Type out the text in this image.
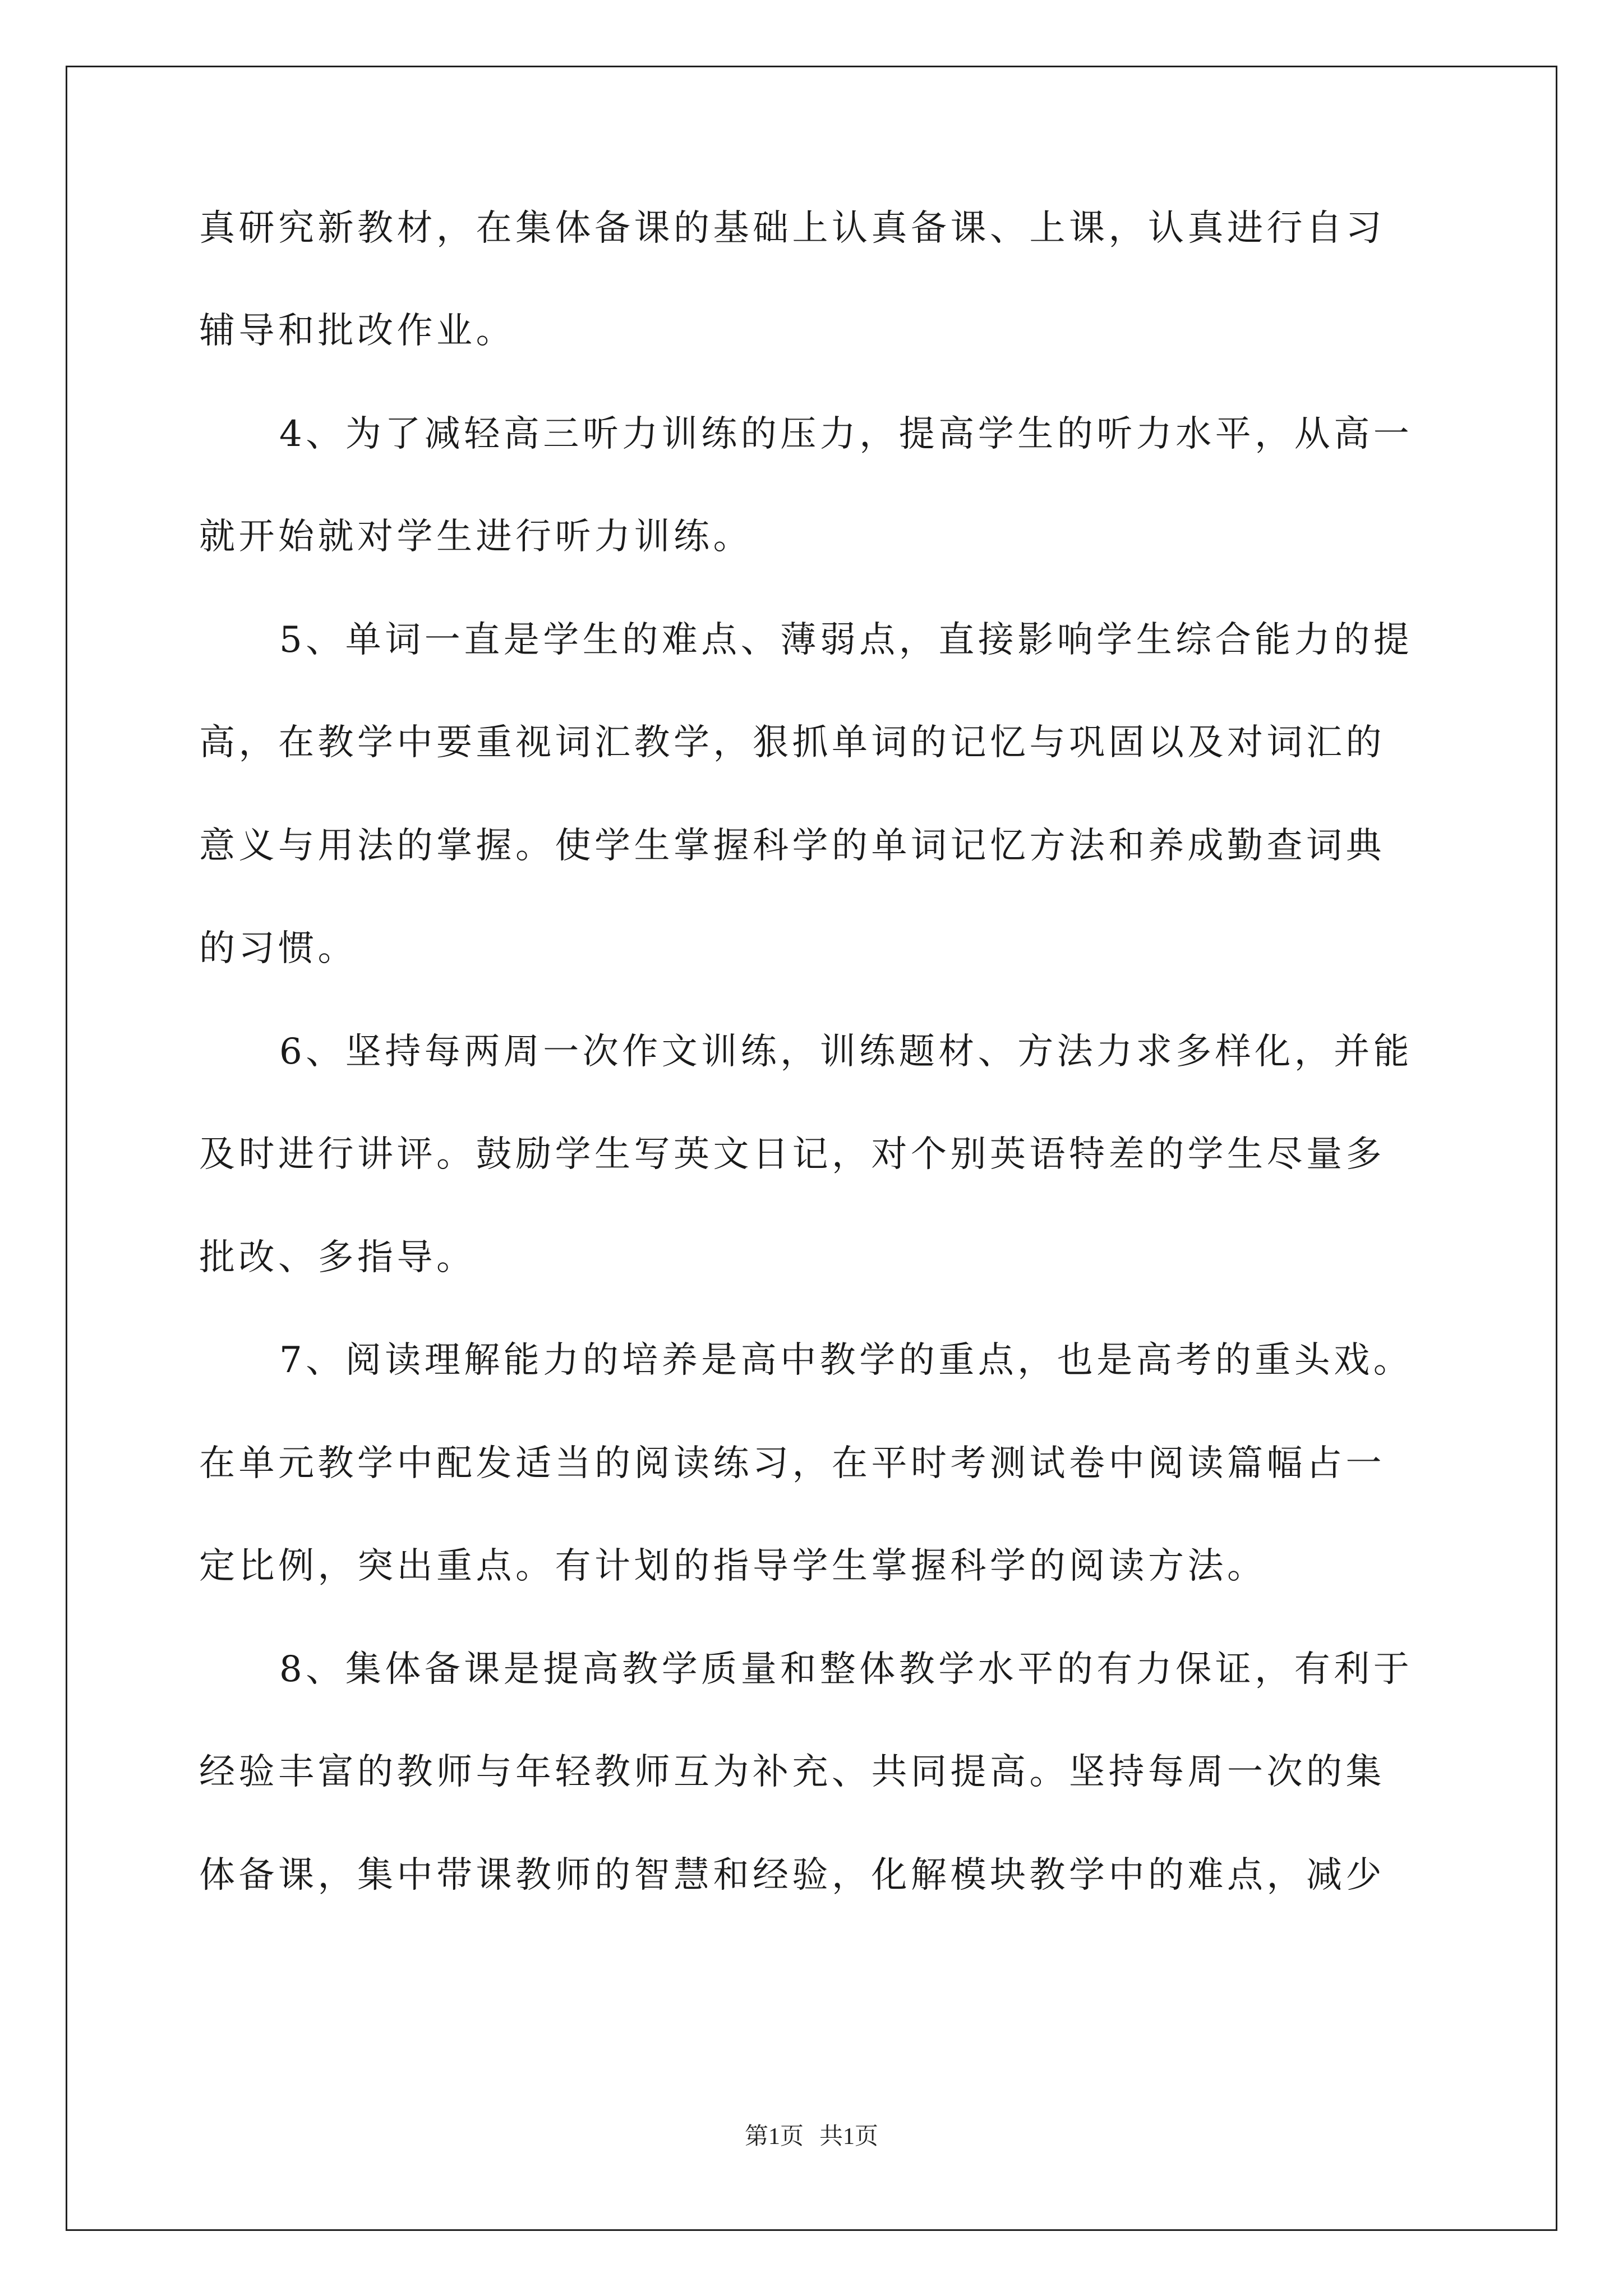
真研究新教材，在集体备课的基础上认真备课、上课，认真进行自习

辅导和批改作业。

4、为了减轻高三听力训练的压力，提高学生的听力水平，从高一

就开始就对学生进行听力训练。

5、单词一直是学生的难点、薄弱点，直接影响学生综合能力的提

高，在教学中要重视词汇教学，狠抓单词的记忆与巩固以及对词汇的

意义与用法的掌握。使学生掌握科学的单词记忆方法和养成勤查词典

的习惯。

6、坚持每两周一次作文训练，训练题材、方法力求多样化，并能

及时进行讲评。鼓励学生写英文日记，对个别英语特差的学生尽量多

批改、多指导。

7、阅读理解能力的培养是高中教学的重点，也是高考的重头戏。

在单元教学中配发适当的阅读练习，在平时考测试卷中阅读篇幅占一

定比例，突出重点。有计划的指导学生掌握科学的阅读方法。

8、集体备课是提高教学质量和整体教学水平的有力保证，有利于

经验丰富的教师与年轻教师互为补充、共同提高。坚持每周一次的集

体备课，集中带课教师的智慧和经验，化解模块教学中的难点，减少

第1页 共1页
